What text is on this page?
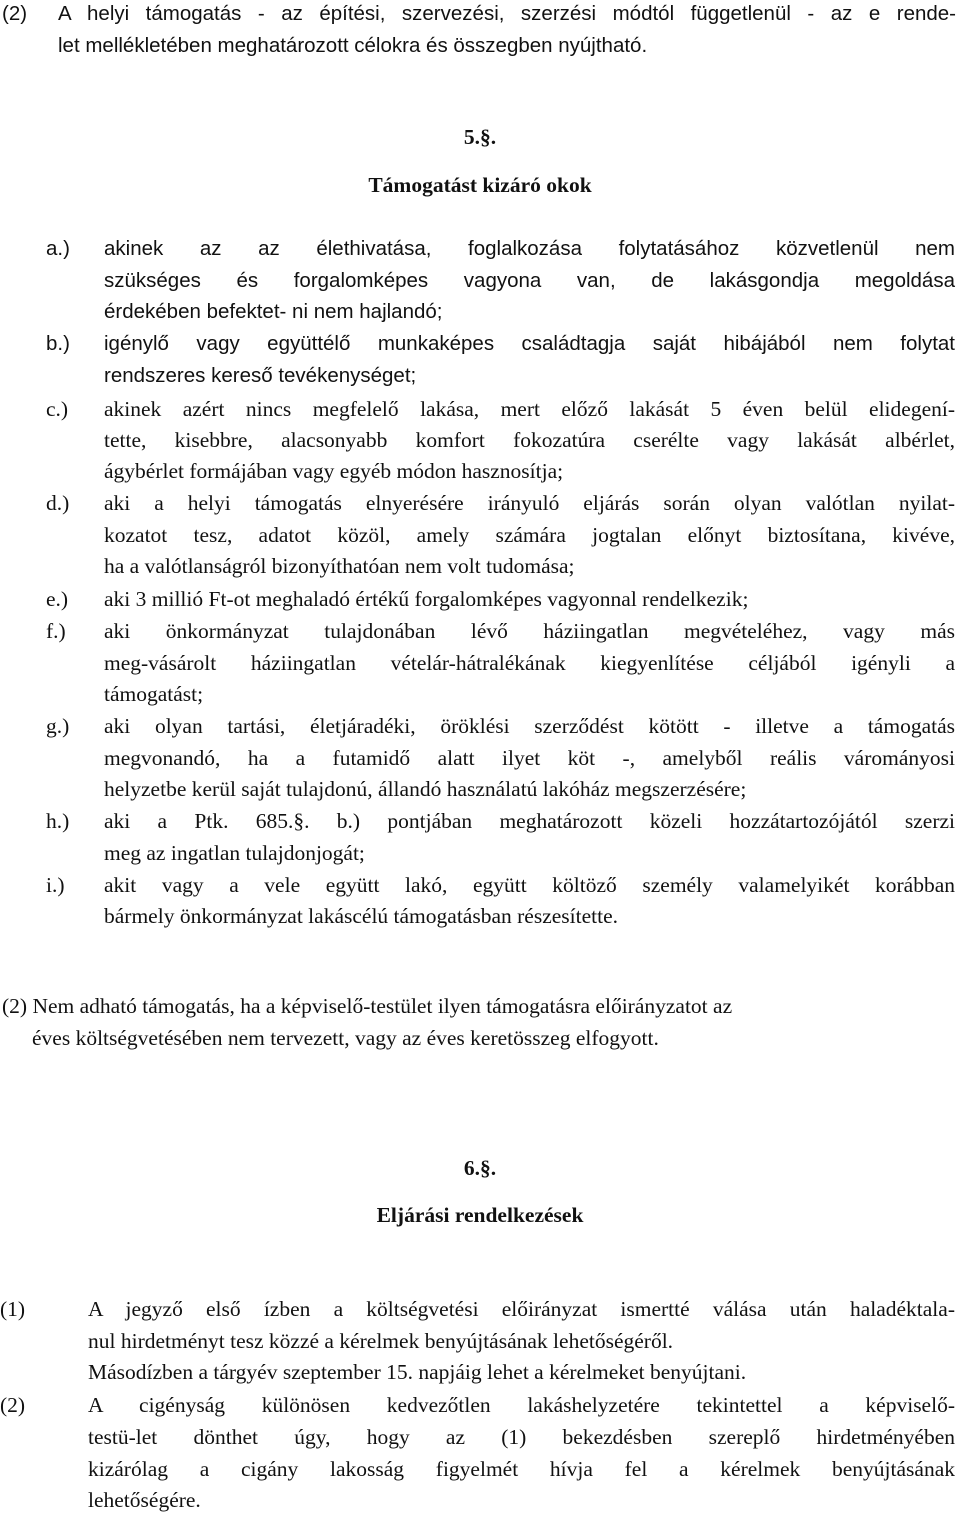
(2) A helyi támogatás - az építési, szervezési, szerzési módtól függetlenül - az e rende-
let mellékletében meghatározott célokra és összegben nyújtható.
5.§.
Támogatást kizáró okok
a.) akinek az az élethivatása, foglalkozása folytatásához közvetlenül nem
szükséges és forgalomképes vagyona van, de lakásgondja megoldása
érdekében befektet- ni nem hajlandó;
b.) igénylő vagy együttélő munkaképes családtagja saját hibájából nem folytat
rendszeres kereső tevékenységet;
c.) akinek azért nincs megfelelő lakása, mert előző lakását 5 éven belül elidegení-
tette, kisebbre, alacsonyabb komfort fokozatúra cserélte vagy lakását albérlet,
ágybérlet formájában vagy egyéb módon hasznosítja;
d.) aki a helyi támogatás elnyerésére irányuló eljárás során olyan valótlan nyilat-
kozatot tesz, adatot közöl, amely számára jogtalan előnyt biztosítana, kivéve,
ha a valótlanságról bizonyíthatóan nem volt tudomása;
e.) aki 3 millió Ft-ot meghaladó értékű forgalomképes vagyonnal rendelkezik;
f.) aki önkormányzat tulajdonában lévő háziingatlan megvételéhez, vagy más
meg-vásárolt háziingatlan vételár-hátralékának kiegyenlítése céljából igényli a
támogatást;
g.) aki olyan tartási, életjáradéki, öröklési szerződést kötött - illetve a támogatás
megvonandó, ha a futamidő alatt ilyet köt -, amelyből reális várományosi
helyzetbe kerül saját tulajdonú, állandó használatú lakóház megszerzésére;
h.) aki a Ptk. 685.§. b.) pontjában meghatározott közeli hozzátartozójától szerzi
meg az ingatlan tulajdonjogát;
i.) akit vagy a vele együtt lakó, együtt költöző személy valamelyikét korábban
bármely önkormányzat lakáscélú támogatásban részesítette.
(2) Nem adható támogatás, ha a képviselő-testület ilyen támogatásra előirányzatot az
éves költségvetésében nem tervezett, vagy az éves keretösszeg elfogyott.
6.§.
Eljárási rendelkezések
(1)	A jegyző első ízben a költségvetési előirányzat ismertté válása után haladéktala-
nul hirdetményt tesz közzé a kérelmek benyújtásának lehetőségéről.
Másodízben a tárgyév szeptember 15. napjáig lehet a kérelmeket benyújtani.
(2)	A cigényság különösen kedvezőtlen lakáshelyzetére tekintettel a képviselő-
testü-let dönthet úgy, hogy az (1) bekezdésben szereplő hirdetményében
kizárólag a cigány lakosság figyelmét hívja fel a kérelmek benyújtásának
lehetőségére.
